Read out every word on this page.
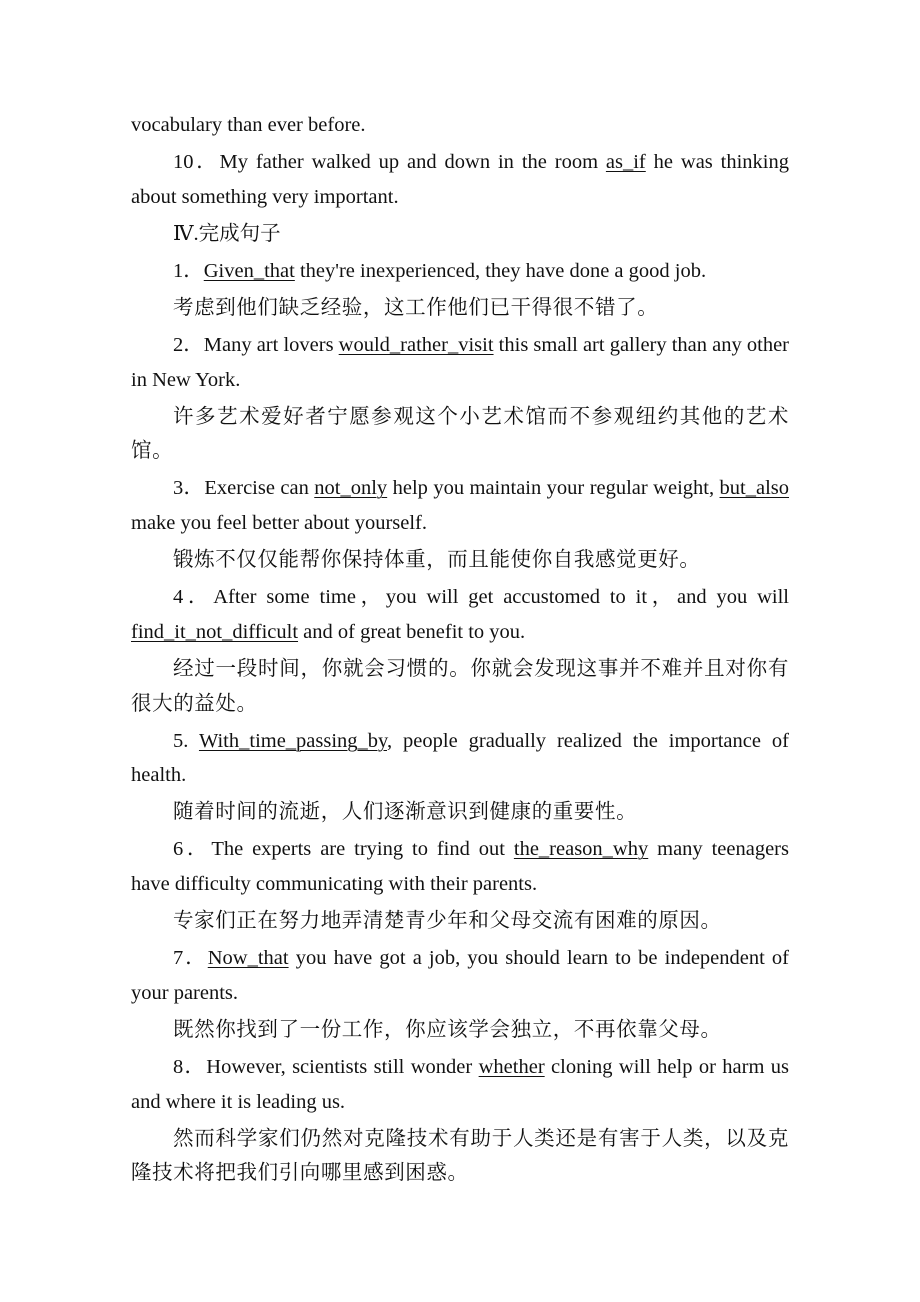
vocabulary than ever before.

10．My father walked up and down in the room as_if he was thinking about something very important.

Ⅳ.完成句子

1．Given_that they're inexperienced, they have done a good job.

考虑到他们缺乏经验，这工作他们已干得很不错了。

2．Many art lovers would_rather_visit this small art gallery than any other in New York.

许多艺术爱好者宁愿参观这个小艺术馆而不参观纽约其他的艺术馆。

3．Exercise can not_only help you maintain your regular weight, but_also make you feel better about yourself.

锻炼不仅仅能帮你保持体重，而且能使你自我感觉更好。

4．After some time，you will get accustomed to it，and you will find_it_not_difficult and of great benefit to you.

经过一段时间，你就会习惯的。你就会发现这事并不难并且对你有很大的益处。

5. With_time_passing_by, people gradually realized the importance of health.

随着时间的流逝，人们逐渐意识到健康的重要性。

6．The experts are trying to find out the_reason_why many teenagers have difficulty communicating with their parents.

专家们正在努力地弄清楚青少年和父母交流有困难的原因。

7．Now_that you have got a job, you should learn to be independent of your parents.

既然你找到了一份工作，你应该学会独立，不再依靠父母。

8．However, scientists still wonder whether cloning will help or harm us and where it is leading us.

然而科学家们仍然对克隆技术有助于人类还是有害于人类，以及克隆技术将把我们引向哪里感到困惑。
